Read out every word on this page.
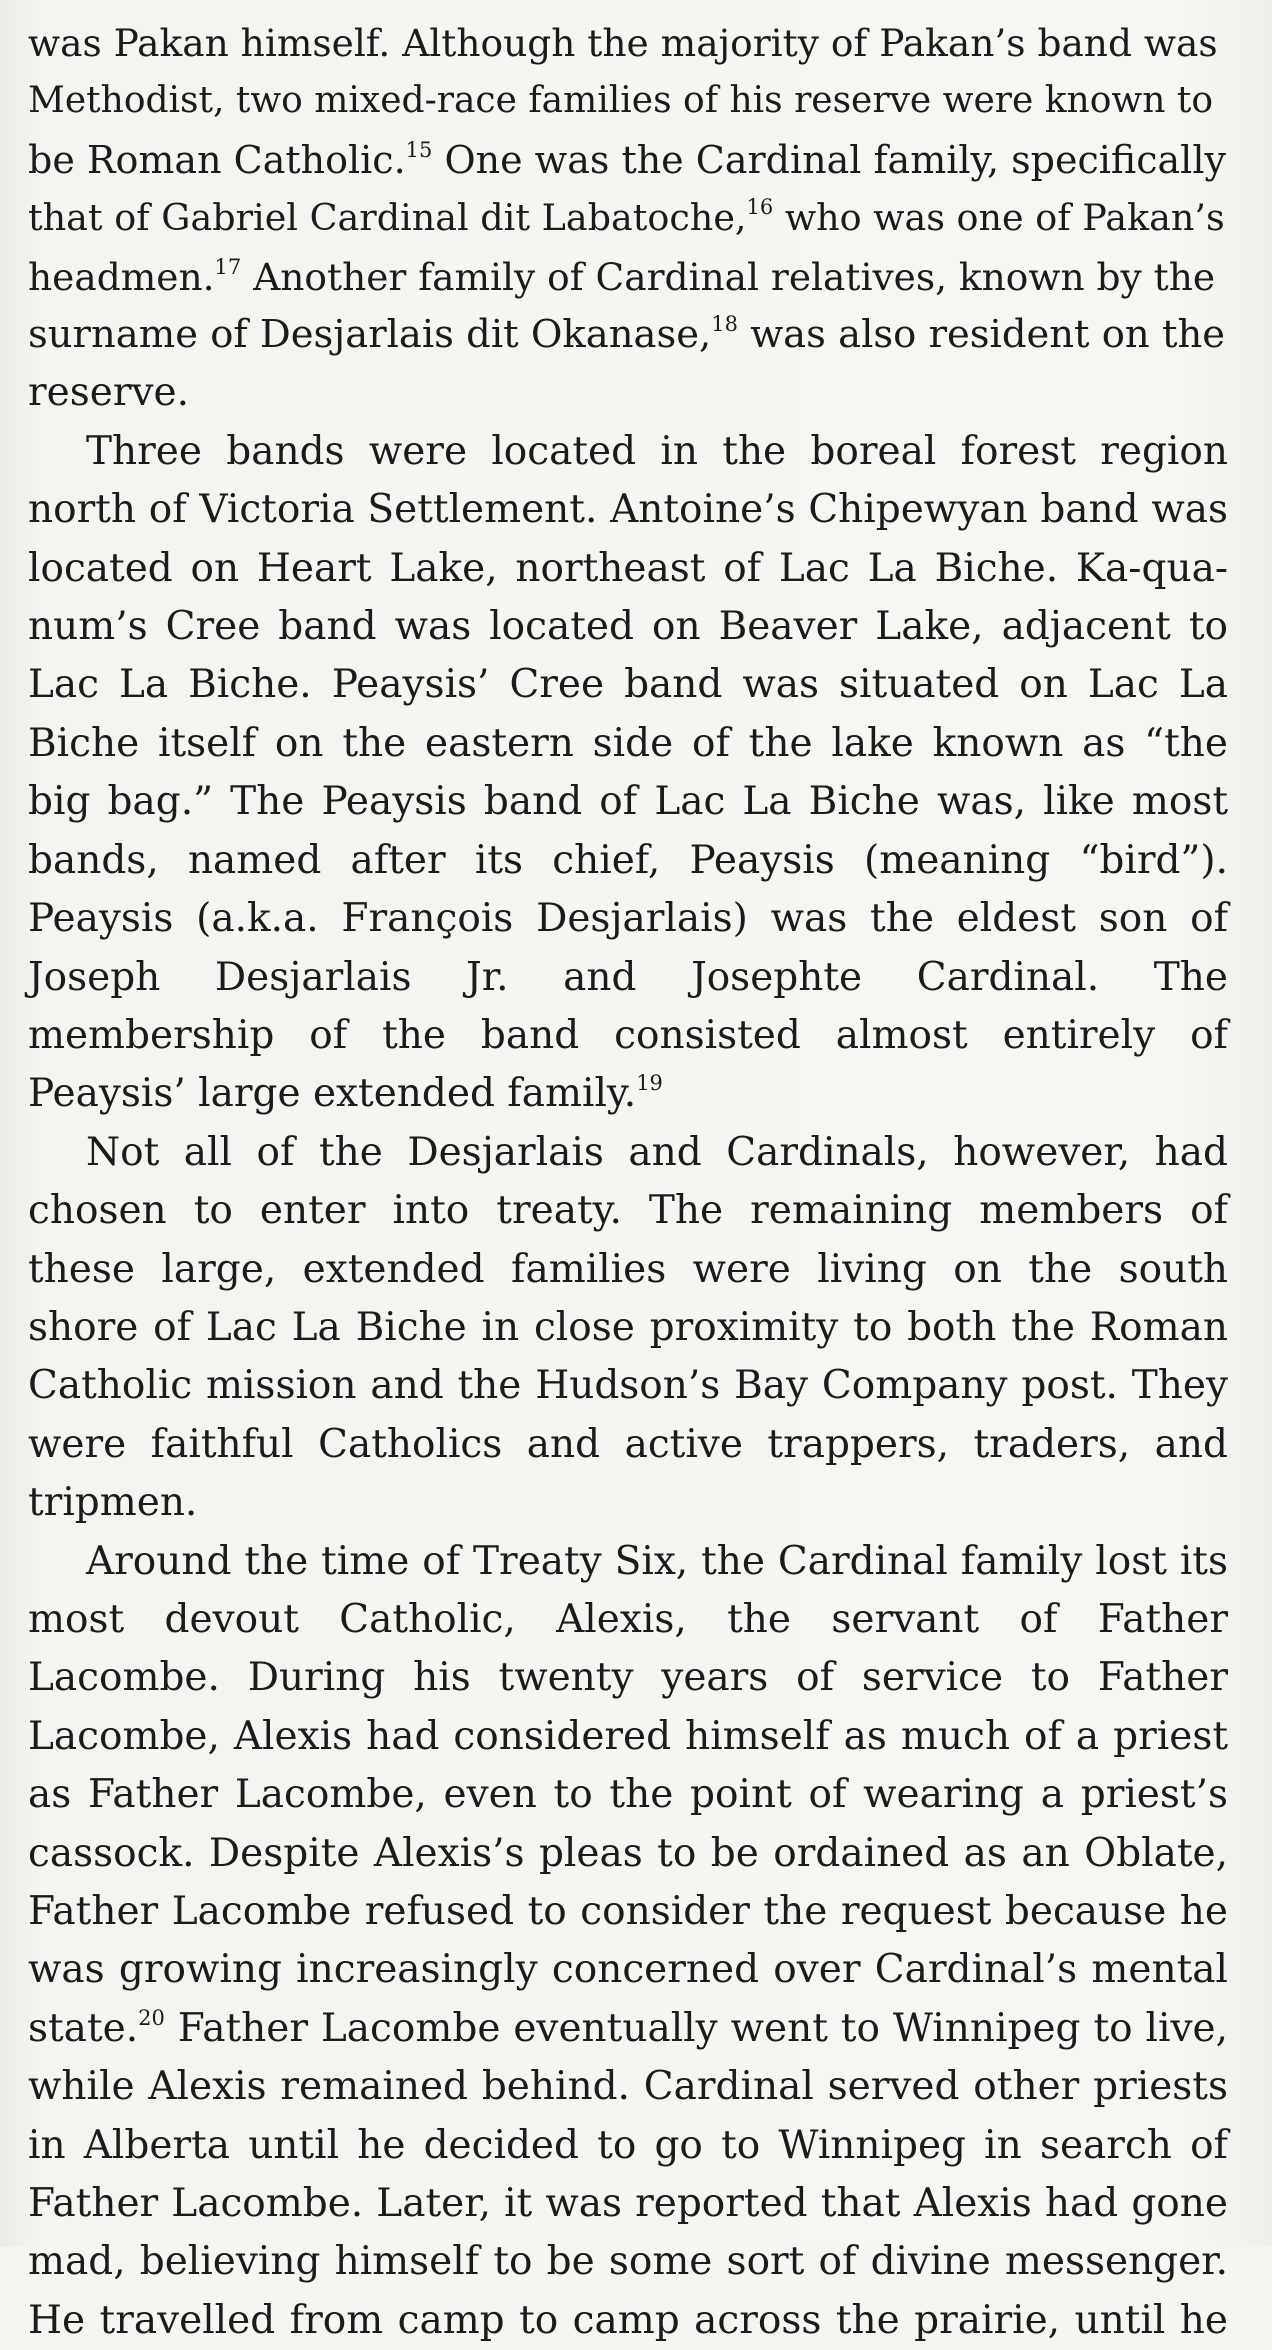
was Pakan himself. Although the majority of Pakan’s band was
Methodist, two mixed-race families of his reserve were known to
be Roman Catholic.$^{15}$ One was the Cardinal family, specifically
that of Gabriel Cardinal dit Labatoche,$^{16}$ who was one of Pakan’s
headmen.$^{17}$ Another family of Cardinal relatives, known by the
surname of Desjarlais dit Okanase,$^{18}$ was also resident on the
reserve.

Three bands were located in the boreal forest region north of Victoria Settlement. Antoine’s Chipewyan band was located on Heart Lake, northeast of Lac La Biche. Ka-qua-num’s Cree band was located on Beaver Lake, adjacent to Lac La Biche. Peaysis’ Cree band was situated on Lac La Biche itself on the eastern side of the lake known as “the big bag.” The Peaysis band of Lac La Biche was, like most bands, named after its chief, Peaysis (meaning “bird”). Peaysis (a.k.a. François Desjarlais) was the eldest son of Joseph Desjarlais Jr. and Josephte Cardinal. The membership of the band consisted almost entirely of Peaysis’ large extended family.$^{19}$

Not all of the Desjarlais and Cardinals, however, had chosen to enter into treaty. The remaining members of these large, extended families were living on the south shore of Lac La Biche in close proximity to both the Roman Catholic mission and the Hudson’s Bay Company post. They were faithful Catholics and active trappers, traders, and tripmen.

Around the time of Treaty Six, the Cardinal family lost its most devout Catholic, Alexis, the servant of Father Lacombe. During his twenty years of service to Father Lacombe, Alexis had considered himself as much of a priest as Father Lacombe, even to the point of wearing a priest’s cassock. Despite Alexis’s pleas to be ordained as an Oblate, Father Lacombe refused to consider the request because he was growing increasingly concerned over Cardinal’s mental state.$^{20}$ Father Lacombe eventually went to Winnipeg to live, while Alexis remained behind. Cardinal served other priests in Alberta until he decided to go to Winnipeg in search of Father Lacombe. Later, it was reported that Alexis had gone mad, believing himself to be some sort of divine messenger. He travelled from camp to camp across the prairie, until he
